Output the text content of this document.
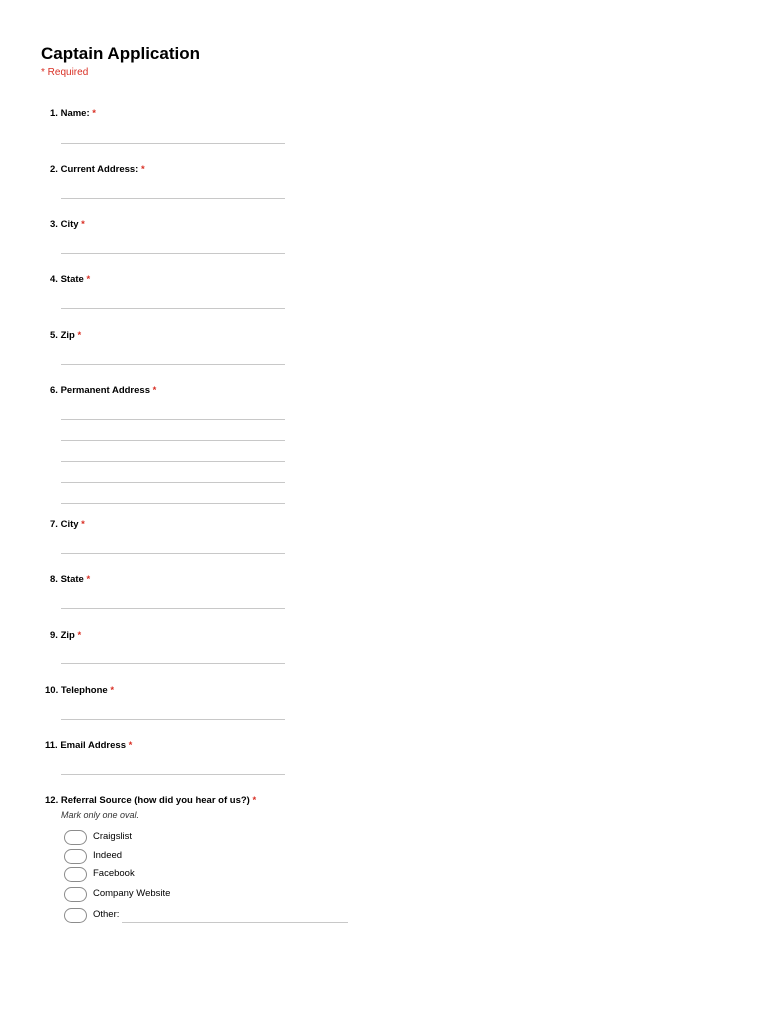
Captain Application
* Required
1. Name: *
2. Current Address: *
3. City *
4. State *
5. Zip *
6. Permanent Address *
7. City *
8. State *
9. Zip *
10. Telephone *
11. Email Address *
12. Referral Source (how did you hear of us?) *
Mark only one oval.
Craigslist
Indeed
Facebook
Company Website
Other:
